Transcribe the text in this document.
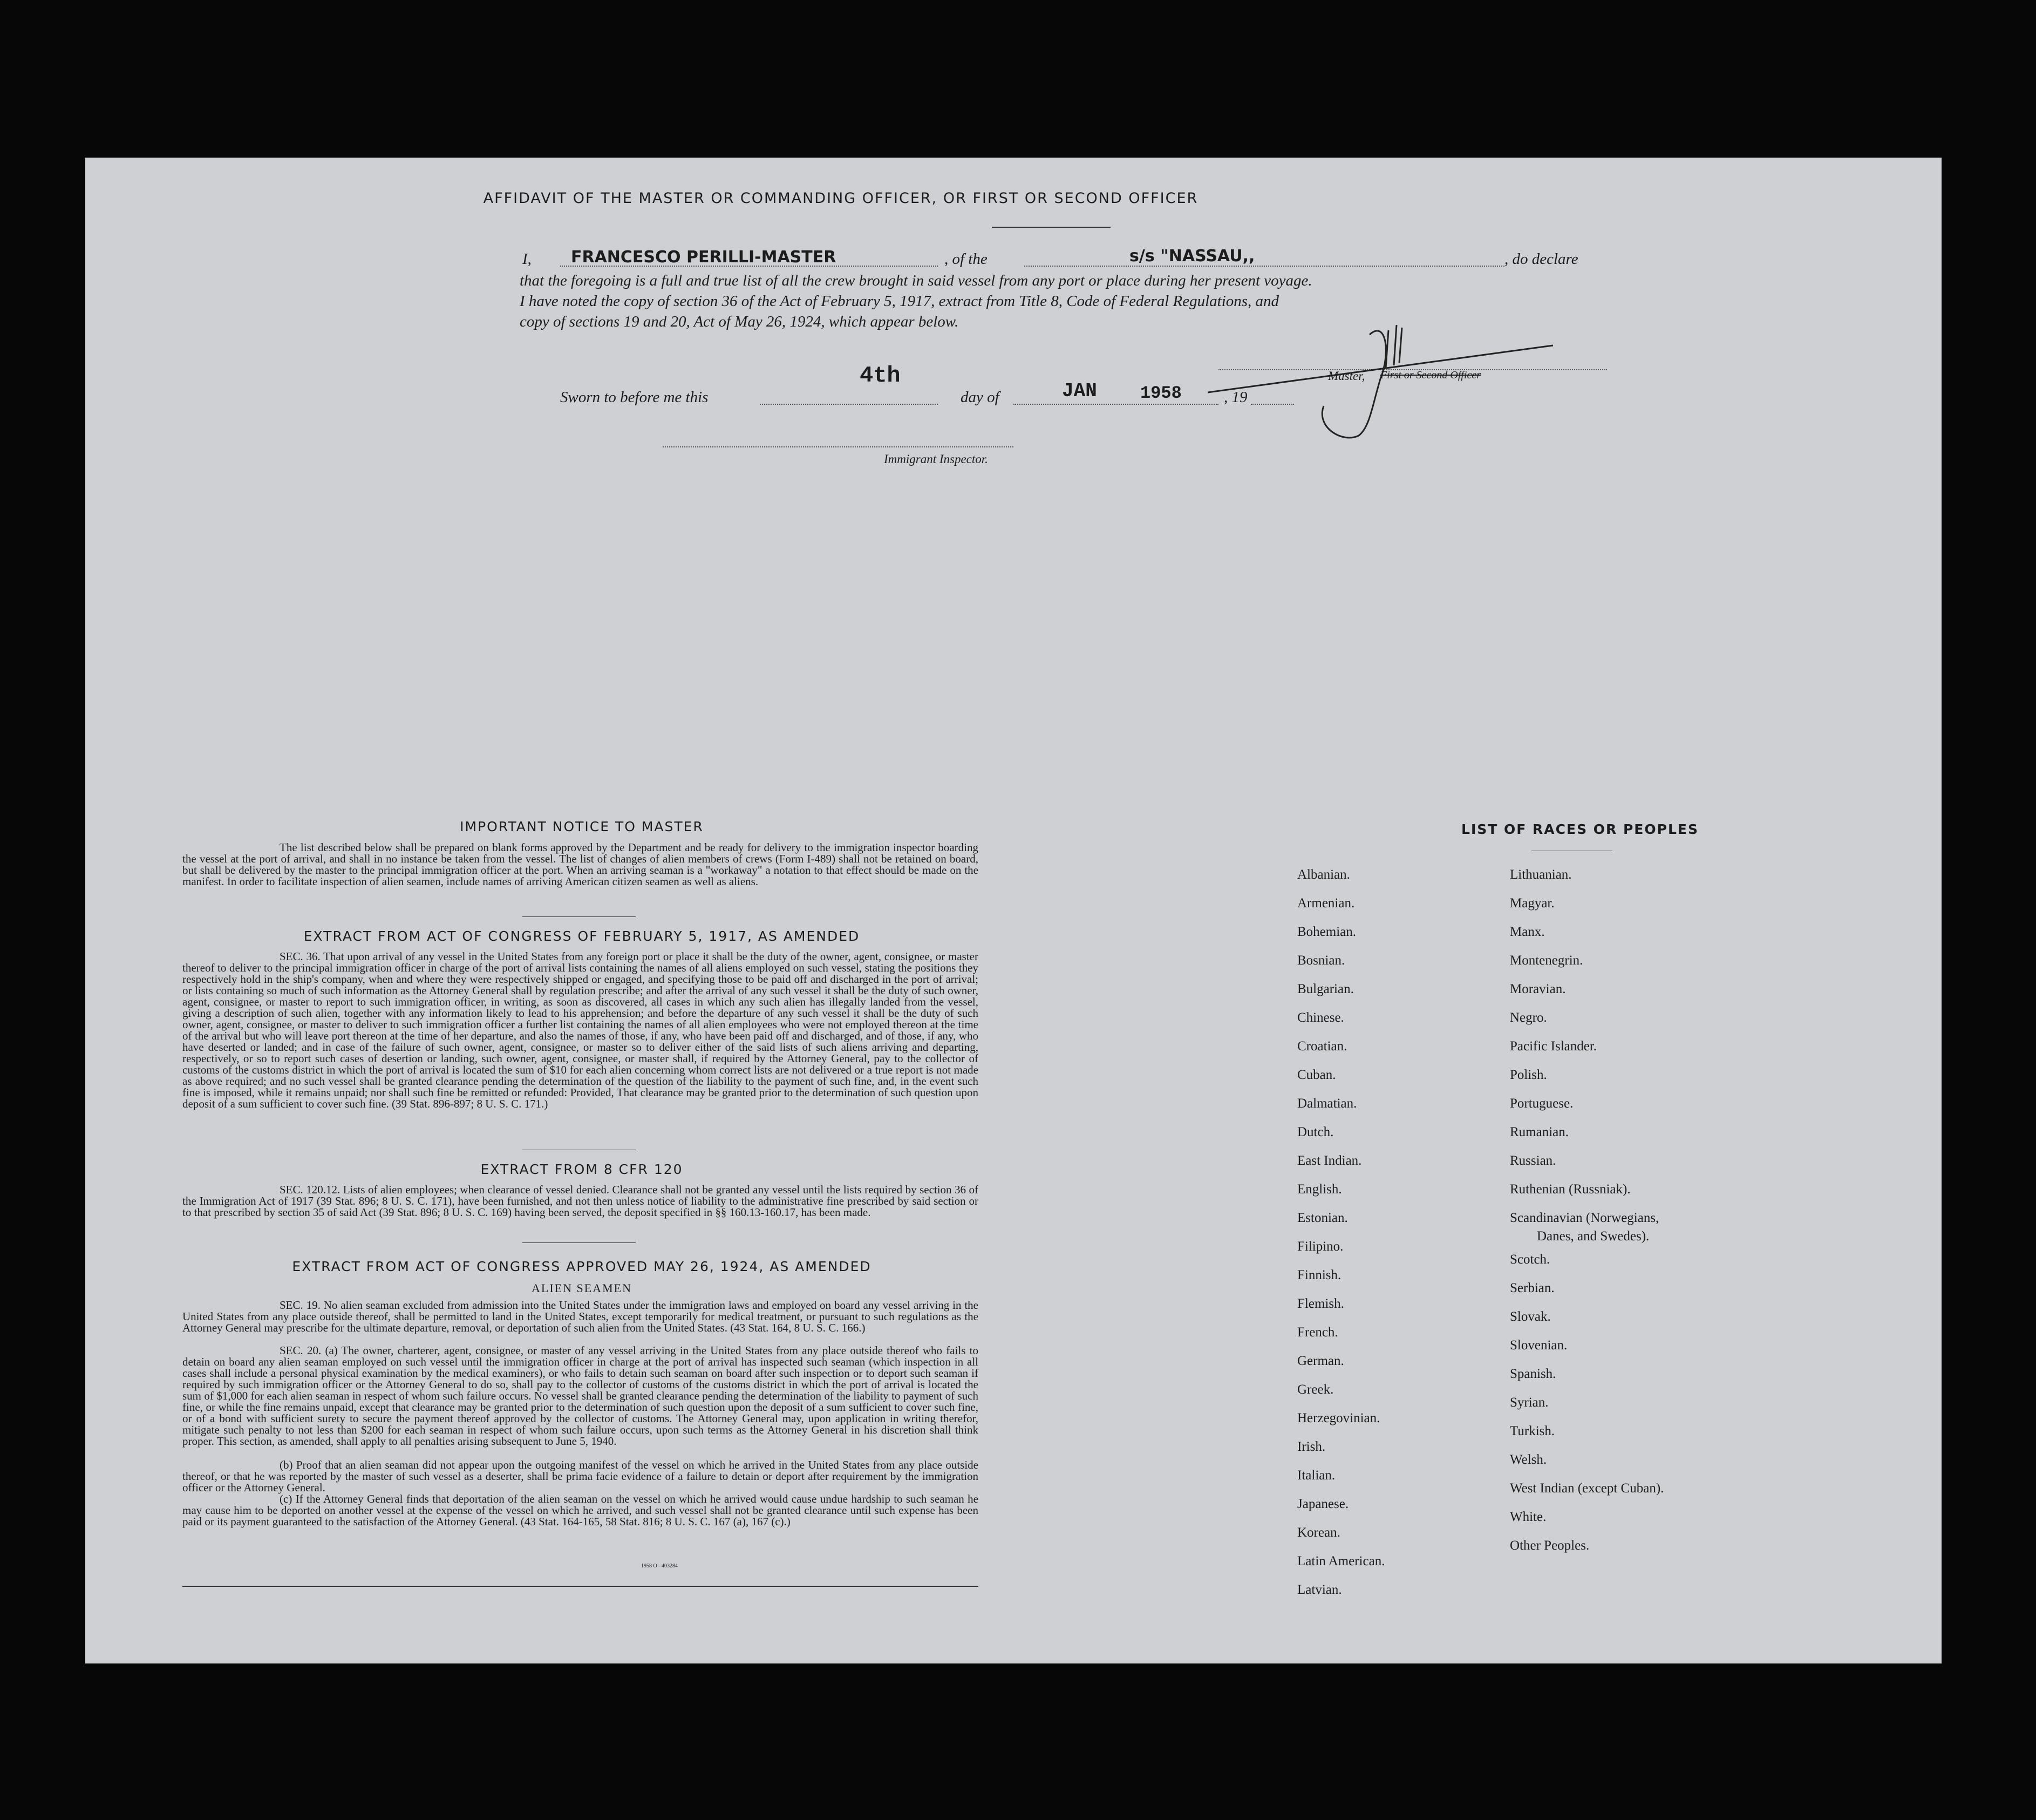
AFFIDAVIT OF THE MASTER OR COMMANDING OFFICER, OR FIRST OR SECOND OFFICER
I, FRANCESCO PERILLI-MASTER	, of the	s/s "NASSAU,,	, do declare
that the foregoing is a full and true list of all the crew brought in said vessel from any port or place during her present voyage.
I have noted the copy of section 36 of the Act of February 5, 1917, extract from Title 8, Code of Federal Regulations, and
copy of sections 19 and 20, Act of May 26, 1924, which appear below.
Master, First or Second Officer
Sworn to before me this
4th
day of	JAN	1958	, 19
Immigrant Inspector.
IMPORTANT NOTICE TO MASTER
The list described below shall be prepared on blank forms approved by the Department and be ready for delivery to the immigration inspector boarding the vessel at the port of arrival, and shall in no instance be taken from the vessel. The list of changes of alien members of crews (Form I-489) shall not be retained on board, but shall be delivered by the master to the principal immigration officer at the port. When an arriving seaman is a "workaway" a notation to that effect should be made on the manifest. In order to facilitate inspection of alien seamen, include names of arriving American citizen seamen as well as aliens.
EXTRACT FROM ACT OF CONGRESS OF FEBRUARY 5, 1917, AS AMENDED
SEC. 36. That upon arrival of any vessel in the United States from any foreign port or place it shall be the duty of the owner, agent, consignee, or master thereof to deliver to the principal immigration officer in charge of the port of arrival lists containing the names of all aliens employed on such vessel, stating the positions they respectively hold in the ship's company, when and where they were respectively shipped or engaged, and specifying those to be paid off and discharged in the port of arrival; or lists containing so much of such information as the Attorney General shall by regulation prescribe; and after the arrival of any such vessel it shall be the duty of such owner, agent, consignee, or master to report to such immigration officer, in writing, as soon as discovered, all cases in which any such alien has illegally landed from the vessel, giving a description of such alien, together with any information likely to lead to his apprehension; and before the departure of any such vessel it shall be the duty of such owner, agent, consignee, or master to deliver to such immigration officer a further list containing the names of all alien employees who were not employed thereon at the time of the arrival but who will leave port thereon at the time of her departure, and also the names of those, if any, who have been paid off and discharged, and of those, if any, who have deserted or landed; and in case of the failure of such owner, agent, consignee, or master so to deliver either of the said lists of such aliens arriving and departing, respectively, or so to report such cases of desertion or landing, such owner, agent, consignee, or master shall, if required by the Attorney General, pay to the collector of customs of the customs district in which the port of arrival is located the sum of $10 for each alien concerning whom correct lists are not delivered or a true report is not made as above required; and no such vessel shall be granted clearance pending the determination of the question of the liability to the payment of such fine, and, in the event such fine is imposed, while it remains unpaid; nor shall such fine be remitted or refunded: Provided, That clearance may be granted prior to the determination of such question upon deposit of a sum sufficient to cover such fine. (39 Stat. 896-897; 8 U. S. C. 171.)
EXTRACT FROM 8 CFR 120
SEC. 120.12. Lists of alien employees; when clearance of vessel denied. Clearance shall not be granted any vessel until the lists required by section 36 of the Immigration Act of 1917 (39 Stat. 896; 8 U. S. C. 171), have been furnished, and not then unless notice of liability to the administrative fine prescribed by said section or to that prescribed by section 35 of said Act (39 Stat. 896; 8 U. S. C. 169) having been served, the deposit specified in §§ 160.13-160.17, has been made.
EXTRACT FROM ACT OF CONGRESS APPROVED MAY 26, 1924, AS AMENDED
ALIEN SEAMEN
SEC. 19. No alien seaman excluded from admission into the United States under the immigration laws and employed on board any vessel arriving in the United States from any place outside thereof, shall be permitted to land in the United States, except temporarily for medical treatment, or pursuant to such regulations as the Attorney General may prescribe for the ultimate departure, removal, or deportation of such alien from the United States. (43 Stat. 164, 8 U. S. C. 166.)
SEC. 20. (a) The owner, charterer, agent, consignee, or master of any vessel arriving in the United States from any place outside thereof who fails to detain on board any alien seaman employed on such vessel until the immigration officer in charge at the port of arrival has inspected such seaman (which inspection in all cases shall include a personal physical examination by the medical examiners), or who fails to detain such seaman on board after such inspection or to deport such seaman if required by such immigration officer or the Attorney General to do so, shall pay to the collector of customs of the customs district in which the port of arrival is located the sum of $1,000 for each alien seaman in respect of whom such failure occurs. No vessel shall be granted clearance pending the determination of the liability to payment of such fine, or while the fine remains unpaid, except that clearance may be granted prior to the determination of such question upon the deposit of a sum sufficient to cover such fine, or of a bond with sufficient surety to secure the payment thereof approved by the collector of customs. The Attorney General may, upon application in writing therefor, mitigate such penalty to not less than $200 for each seaman in respect of whom such failure occurs, upon such terms as the Attorney General in his discretion shall think proper. This section, as amended, shall apply to all penalties arising subsequent to June 5, 1940.
(b) Proof that an alien seaman did not appear upon the outgoing manifest of the vessel on which he arrived in the United States from any place outside thereof, or that he was reported by the master of such vessel as a deserter, shall be prima facie evidence of a failure to detain or deport after requirement by the immigration officer or the Attorney General.
(c) If the Attorney General finds that deportation of the alien seaman on the vessel on which he arrived would cause undue hardship to such seaman he may cause him to be deported on another vessel at the expense of the vessel on which he arrived, and such vessel shall not be granted clearance until such expense has been paid or its payment guaranteed to the satisfaction of the Attorney General. (43 Stat. 164-165, 58 Stat. 816; 8 U. S. C. 167 (a), 167 (c).)
1958 O - 403284
LIST OF RACES OR PEOPLES
Albanian.
Armenian.
Bohemian.
Bosnian.
Bulgarian.
Chinese.
Croatian.
Cuban.
Dalmatian.
Dutch.
East Indian.
English.
Estonian.
Filipino.
Finnish.
Flemish.
French.
German.
Greek.
Herzegovinian.
Irish.
Italian.
Japanese.
Korean.
Latin American.
Latvian.
Lithuanian.
Magyar.
Manx.
Montenegrin.
Moravian.
Negro.
Pacific Islander.
Polish.
Portuguese.
Rumanian.
Russian.
Ruthenian (Russniak).
Scandinavian (Norwegians,
Scotch.
Serbian.
Slovak.
Slovenian.
Spanish.
Syrian.
Turkish.
Welsh.
West Indian (except Cuban).
White.
Other Peoples.
Danes, and Swedes).
